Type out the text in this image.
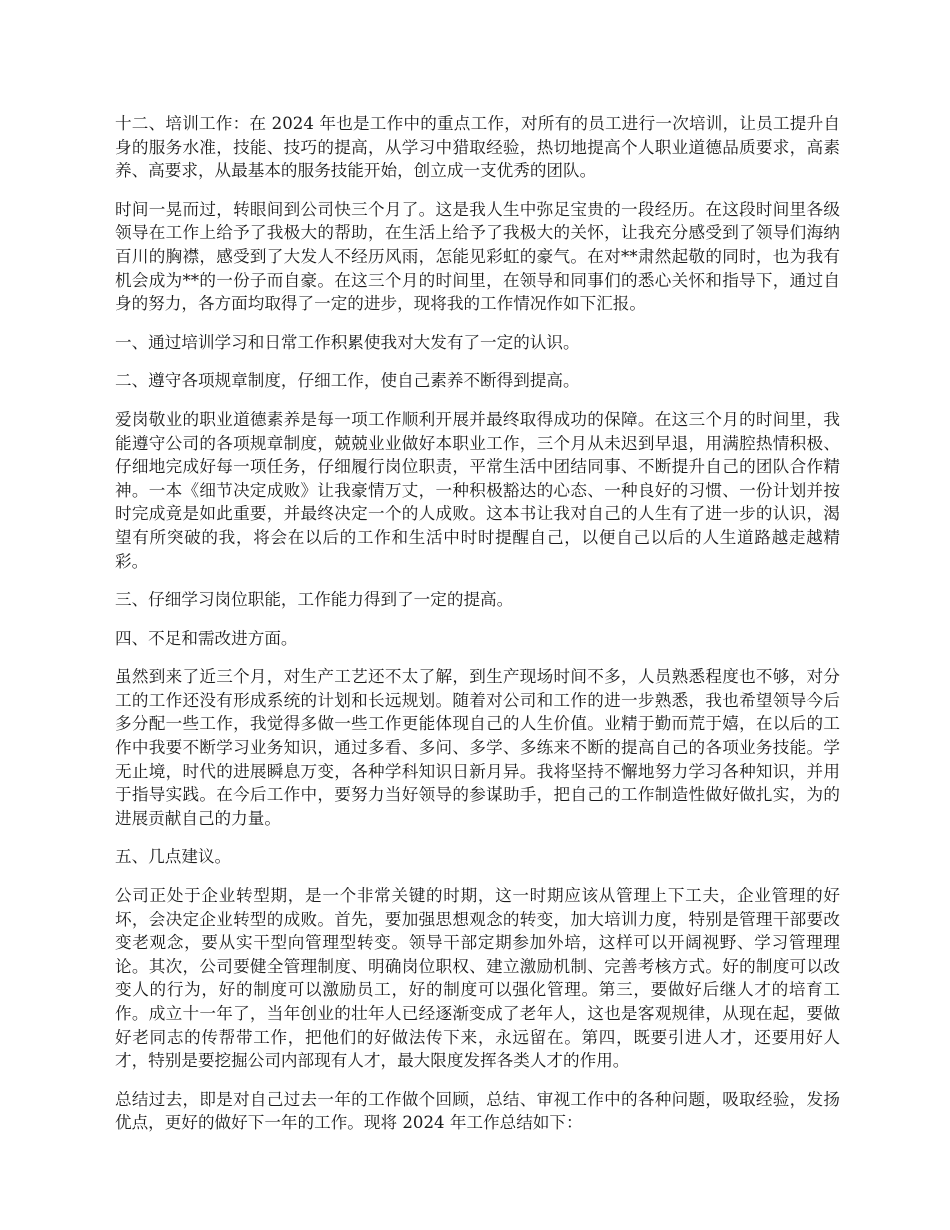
十二、培训工作：在 2024 年也是工作中的重点工作，对所有的员工进行一次培训，让员工提升自身的服务水准，技能、技巧的提高，从学习中猎取经验，热切地提高个人职业道德品质要求，高素养、高要求，从最基本的服务技能开始，创立成一支优秀的团队。

时间一晃而过，转眼间到公司快三个月了。这是我人生中弥足宝贵的一段经历。在这段时间里各级领导在工作上给予了我极大的帮助，在生活上给予了我极大的关怀，让我充分感受到了领导们海纳百川的胸襟，感受到了大发人不经历风雨，怎能见彩虹的豪气。在对**肃然起敬的同时，也为我有机会成为**的一份子而自豪。在这三个月的时间里，在领导和同事们的悉心关怀和指导下，通过自身的努力，各方面均取得了一定的进步，现将我的工作情况作如下汇报。

一、通过培训学习和日常工作积累使我对大发有了一定的认识。

二、遵守各项规章制度，仔细工作，使自己素养不断得到提高。

爱岗敬业的职业道德素养是每一项工作顺利开展并最终取得成功的保障。在这三个月的时间里，我能遵守公司的各项规章制度，兢兢业业做好本职业工作，三个月从未迟到早退，用满腔热情积极、仔细地完成好每一项任务，仔细履行岗位职责，平常生活中团结同事、不断提升自己的团队合作精神。一本《细节决定成败》让我豪情万丈，一种积极豁达的心态、一种良好的习惯、一份计划并按时完成竟是如此重要，并最终决定一个的人成败。这本书让我对自己的人生有了进一步的认识，渴望有所突破的我，将会在以后的工作和生活中时时提醒自己，以便自己以后的人生道路越走越精彩。

三、仔细学习岗位职能，工作能力得到了一定的提高。

四、不足和需改进方面。

虽然到来了近三个月，对生产工艺还不太了解，到生产现场时间不多，人员熟悉程度也不够，对分工的工作还没有形成系统的计划和长远规划。随着对公司和工作的进一步熟悉，我也希望领导今后多分配一些工作，我觉得多做一些工作更能体现自己的人生价值。业精于勤而荒于嬉，在以后的工作中我要不断学习业务知识，通过多看、多问、多学、多练来不断的提高自己的各项业务技能。学无止境，时代的进展瞬息万变，各种学科知识日新月异。我将坚持不懈地努力学习各种知识，并用于指导实践。在今后工作中，要努力当好领导的参谋助手，把自己的工作制造性做好做扎实，为的进展贡献自己的力量。

五、几点建议。

公司正处于企业转型期，是一个非常关键的时期，这一时期应该从管理上下工夫，企业管理的好坏，会决定企业转型的成败。首先，要加强思想观念的转变，加大培训力度，特别是管理干部要改变老观念，要从实干型向管理型转变。领导干部定期参加外培，这样可以开阔视野、学习管理理论。其次，公司要健全管理制度、明确岗位职权、建立激励机制、完善考核方式。好的制度可以改变人的行为，好的制度可以激励员工，好的制度可以强化管理。第三，要做好后继人才的培育工作。成立十一年了，当年创业的壮年人已经逐渐变成了老年人，这也是客观规律，从现在起，要做好老同志的传帮带工作，把他们的好做法传下来，永远留在。第四，既要引进人才，还要用好人才，特别是要挖掘公司内部现有人才，最大限度发挥各类人才的作用。

总结过去，即是对自己过去一年的工作做个回顾，总结、审视工作中的各种问题，吸取经验，发扬优点，更好的做好下一年的工作。现将 2024 年工作总结如下：
